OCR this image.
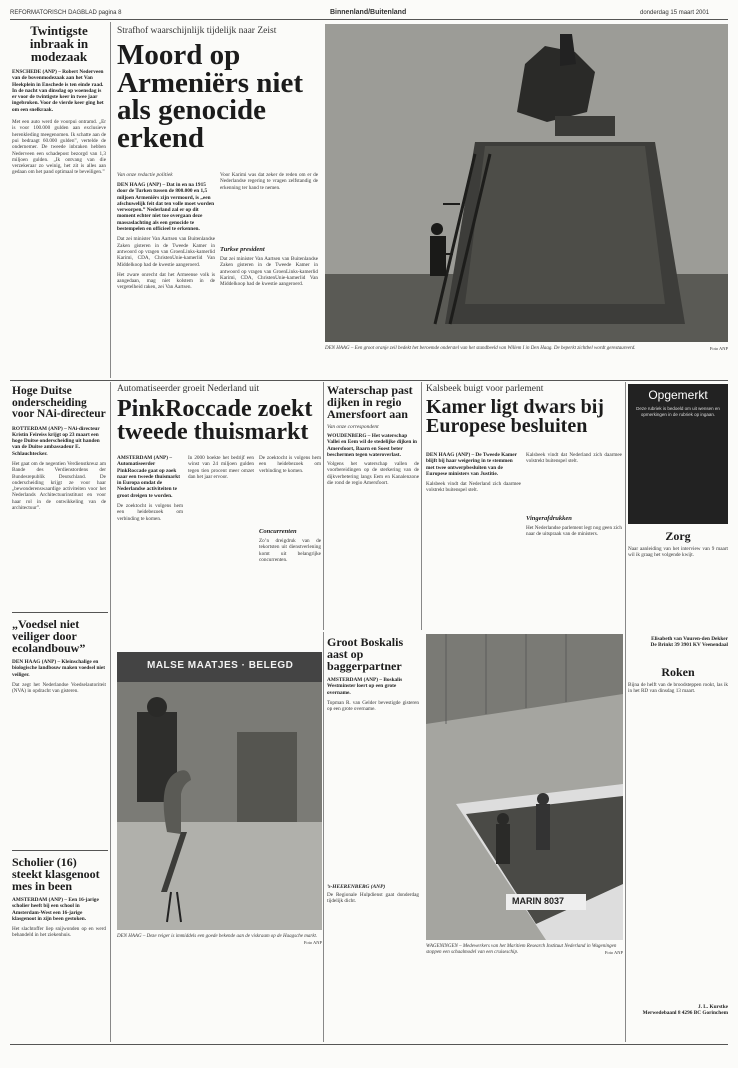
REFORMATORISCH DAGBLAD pagina 8	Binnenland/Buitenland	donderdag 15 maart 2001
Twintigste inbraak in modezaak
ENSCHEDE (ANP) – Robert Nederveen van de bovenmodezaak aan het Van Heekplein in Enschede is ten einde raad. In de nacht van dinsdag op woensdag is er voor de twintigste keer in twee jaar ingebroken. Voor de vierde keer ging het om een snelkraak.
Met een auto werd de voorpui ontramd. „Er is voor 100.000 gulden aan exclusieve herenkleding meegenomen. Ik schatte aan de pui bedraagt 60.000 gulden”, vertelde de ondernemer. De tweede inbraken hebben Nederveen een schadepost bezorgd van 1,3 miljoen gulden. „Ik ontvang van die verzekeraar zo weinig, het zit is alles aan gedaan om het pand optimaal te beveiligen.”
Strafhof waarschijnlijk tijdelijk naar Zeist
Moord op Armeniërs niet als genocide erkend
Van onze redactie politiek
DEN HAAG (ANP) – Dat in en na 1915 door de Turken tussen de 800.000 en 1,5 miljoen Armeniërs zijn vermoord, is „een afschuwelijk feit dat ten volle moet worden verworpen.” Nederland zal er op dit moment echter niet toe overgaan deze massaslachting als een genocide te bestempelen en officieel te erkennen.
Dat zei minister Van Aartsen van Buitenlandse Zaken gisteren in de Tweede Kamer in antwoord op vragen van GroenLinks-kamerlid Karimi, CDA, ChristenUnie-kamerlid Van Middelkoop had de kwestie aangeroerd.
Het zware onrecht dat het Armeense volk is aangedaan, mag niet kolstem in de vergetelheid raken, zei Van Aartsen.
Voor Karimi was dat zeker de reden om er de Nederlandse regering te vragen zelfstandig de erkenning ter hand te nemen.
Turkse president
Dat zei minister Van Aartsen van Buitenlandse Zaken gisteren in de Tweede Kamer in antwoord op vragen van GroenLinks-kamerlid Karimi, CDA, ChristenUnie-kamerlid Van Middelkoop had de kwestie aangeroerd.
DEN HAAG – Een groot oranje zeil bedekt het beroemde onderstel van het standbeeld van Willem I in Den Haag. De beperkt zichtbel wordt gerestaureerd.	Foto ANP
Hoge Duitse onderscheiding voor NAi-directeur
ROTTERDAM (ANP) – NAi-directeur Kristin Feireiss krijgt op 23 maart een hoge Duitse onderscheiding uit handen van de Duitse ambassadeur E. Schlauchtecker.
Het gaat om de negentien Verdienstkreuz am Bande des Verdienstordens der Bundesrepublik Deutschland. De onderscheiding krijgt ze voor haar „bewonderenswaardige activiteiten voor het Nederlands Architectuurinstituut en voor haar rol in de ontwikkeling van de architectuur”.
„Voedsel niet veiliger door ecolandbouw”
DEN HAAG (ANP) – Kleinschalige en biologische landbouw maken voedsel niet veiliger.
Dat zegt het Nederlandse Voedselautoriteit (NVA) in opdracht van gisteren.
Scholier (16) steekt klasgenoot mes in been
AMSTERDAM (ANP) – Een 16-jarige scholier heeft bij een school in Amsterdam-West een 16-jarige klasgenoot in zijn been gestoken.
Het slachtoffer liep snijwonden op en werd behandeld in het ziekenhuis.
Automatiseerder groeit Nederland uit
PinkRoccade zoekt tweede thuismarkt
AMSTERDAM (ANP) – Automatiseerder PinkRoccade gaat op zoek naar een tweede thuismarkt in Europa omdat de Nederlandse activiteiten te groot dreigen te worden.
De zoektocht is volgens hem een heidebezoek om verbinding te komen.
In 2000 boekte het bedrijf een winst van 24 miljoen gulden tegen tien procent meer omzet dan het jaar ervoor.
De zoektocht is volgens hem een heidebezoek om verbinding te komen.
Concurrenten
Zo’n dreigdruk van de tekortsten uit dienstverlening komt uit belangrijke concurrenten.
Waterschap past dijken in regio Amersfoort aan
Van onze correspondent
WOUDENBERG – Het waterschap Vallei en Eem wil de stedelijke dijken in Amersfoort, Baarn en Soest beter beschermen tegen wateroverlast.
Volgens het waterschap vallen de voorbereidingen op de sterkering van de dijkverbetering langs Eem en Kanalenzone die rond de regio Amersfoort.
Kalsbeek buigt voor parlement
Kamer ligt dwars bij Europese besluiten
DEN HAAG (ANP) – De Tweede Kamer blijft bij haar weigering in te stemmen met twee ontwerpbesluiten van de Europese ministers van Justitie.
Kalsbeek vindt dat Nederland zich daarmee volstrekt buitenspel stelt.
Kalsbeek vindt dat Nederland zich daarmee volstrekt buitenspel stelt.
Vingerafdrukken
Het Nederlandse parlement legt nog geen zich naar de uitspraak van de ministers.
Opgemerkt
Deze rubriek is bedoeld om uit wensen en opmerkingen in de rubriek op ingaan.
Zorg
Naar aanleiding van het interview van 9 maart wil ik graag het volgende kwijt.
Elisabeth van Vuuren-den Dekker
De Brinkt 39 3901 KV Veenendaal
Roken
Bijna de helft van de broodsteppen rookt, las ik in het RD van dinsdag 13 maart.
J. L. Kurstke
Merwedebaanl 8 4296 BC Gorinchem
MALSE MAATJES · BELEGD
DEN HAAG – Deze reiger is immiddels een goede bekende aan de viskraam op de Haagsche markt.
Foto ANP
Groot Boskalis aast op baggerpartner
AMSTERDAM (ANP) – Boskalis Westminster loert op een grote overname.
Topman R. van Gelder bevestigde gisteren op een grote overname.
’s-HEERENBERG (ANP)
De Regionale Hulpdienst gaat donderdag tijdelijk dicht.	MARIN 8037
WAGENINGEN – Medewerkers van het Maritiem Research Instituut Nederland in Wageningen stoppen een schaalmodel van een cruiseschip.	Foto ANP
